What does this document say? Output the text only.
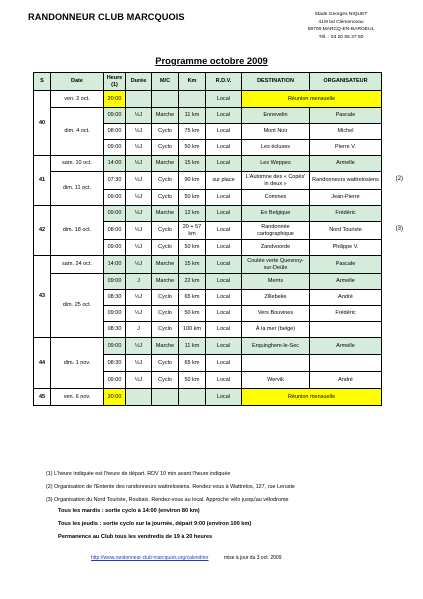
RANDONNEUR CLUB MARCQUOIS	Stade Georges NIQUET
41/9 bd Clémenceau
59700 MARCQ-EN-BAROEUL
Tél. : 03 20 55 37 60
Programme octobre 2009
S	Date	Heure (1)	Durée	M/C	Km	R.D.V.	DESTINATION	ORGANISATEUR
40	ven. 2 oct.	20:00				Local	Réunion mensuelle	
	dim. 4 oct.	09:00	½J	Marche	11 km	Local	Ennevelin	Pascale
		08:00	½J	Cyclo	75 km	Local	Mont Noir	Michel
		09:00	½J	Cyclo	50 km	Local	Les écluses	Pierre V.
41	sam. 10 oct.	14:00	½J	Marche	15 km	Local	Les Weppes	Armelle
	dim. 11 oct.	07:30	½J	Cyclo	90 km	sur place	L'Automne des « Copés' in deux »	Randonneurs wattrelosiens
		09:00	½J	Cyclo	50 km	Local	Comines	Jean-Pierre
42	dim. 18 oct.	09:00	½J	Marche	12 km	Local	En Belgique	Frédéric
		08:00	½J	Cyclo	20 + 57 km	Local	Randonnée cartographique	Nord Touriste
		09:00	½J	Cyclo	50 km	Local	Zandvoorde	Philippe V.
43	sam. 24 oct.	14:00	½J	Marche	15 km	Local	Coulée verte Quesnoy-sur-Deûle	Pascale
	dim. 25 oct.	09:00	J	Marche	22 km	Local	Merris	Armelle
		08:30	½J	Cyclo	65 km	Local	Zillebeke	André
		09:00	½J	Cyclo	50 km	Local	Vers Bouvines	Frédéric
		08:30	J	Cyclo	100 km	Local	À la mer (belge)	
44	dim. 1 nov.	09:00	½J	Marche	11 km	Local	Erquinghem-le-Sec	Armelle
		08:30	½J	Cyclo	65 km	Local		
		09:00	½J	Cyclo	50 km	Local	Wervik	André
45	ven. 6 nov.	20:00				Local	Réunion mensuelle	
(1) L'heure indiquée est l'heure de départ. RDV 10 min avant l'heure indiquée
(2) Organisation de l'Entente des randonneurs wattrelosiens. Rendez-vous à Wattrelos, 127, rue Leruste
(3) Organisation du Nord Touriste, Roubaix. Rendez-vous au local. Approche vélo jusqu'au vélodrome
Tous les mardis : sortie cyclo à 14:00 (environ 80 km)
Tous les jeudis : sortie cyclo sur la journée, départ 9:00 (environ 100 km)
Permanence au Club tous les vendredis de 19 à 20 heures
http://www.randonneur-club-marcquois.org/calendrier	mise à jour du 3 oct. 2009
(2)
(3)
